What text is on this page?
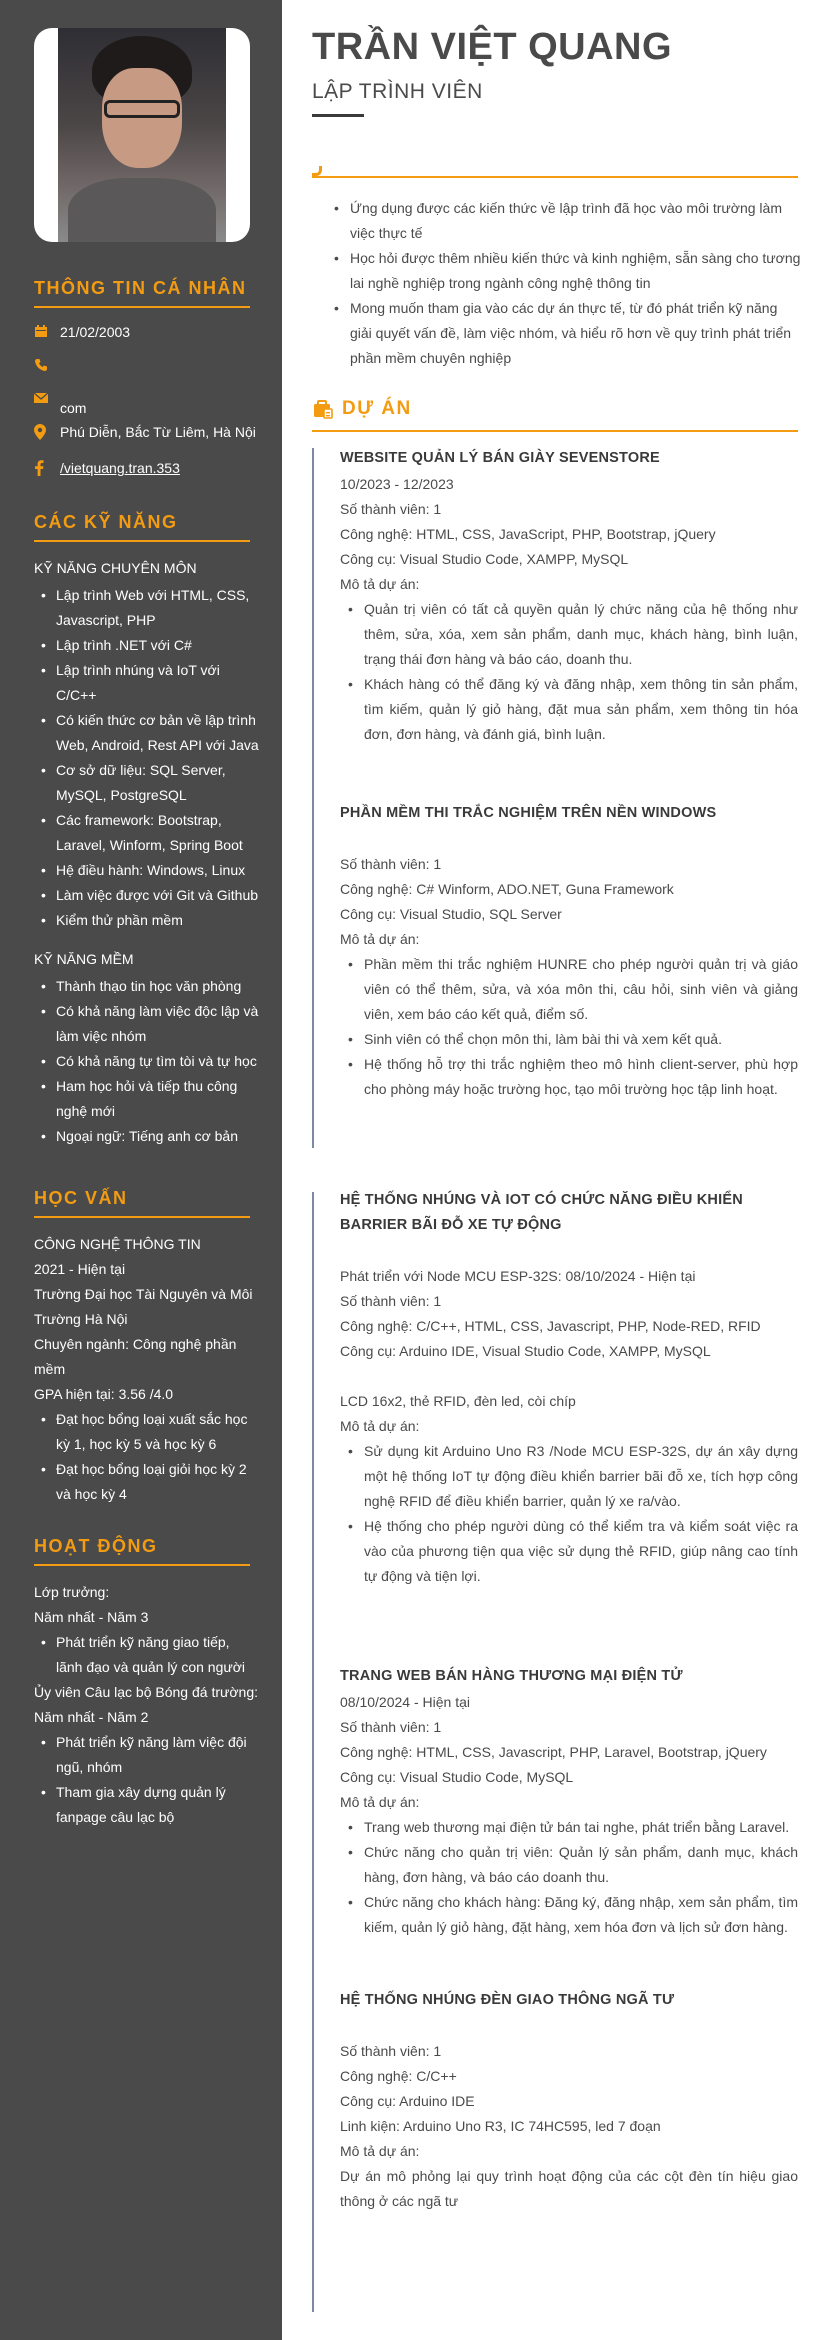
THÔNG TIN CÁ NHÂN
21/02/2003
com
Phú Diễn, Bắc Từ Liêm, Hà Nội
/vietquang.tran.353
CÁC KỸ NĂNG
KỸ NĂNG CHUYÊN MÔN
• Lập trình Web với HTML, CSS, Javascript, PHP
• Lập trình .NET với C#
• Lập trình nhúng và IoT với C/C++
• Có kiến thức cơ bản về lập trình Web, Android, Rest API với Java
• Cơ sở dữ liệu: SQL Server, MySQL, PostgreSQL
• Các framework: Bootstrap, Laravel, Winform, Spring Boot
• Hệ điều hành: Windows, Linux
• Làm việc được với Git và Github
• Kiểm thử phần mềm
KỸ NĂNG MỀM
• Thành thạo tin học văn phòng
• Có khả năng làm việc độc lập và làm việc nhóm
• Có khả năng tự tìm tòi và tự học
• Ham học hỏi và tiếp thu công nghệ mới
• Ngoại ngữ: Tiếng anh cơ bản
HỌC VẤN
CÔNG NGHỆ THÔNG TIN
2021 - Hiện tại
Trường Đại học Tài Nguyên và Môi Trường Hà Nội
Chuyên ngành: Công nghệ phần mềm
GPA hiện tại: 3.56 /4.0
• Đạt học bổng loại xuất sắc học kỳ 1, học kỳ 5 và học kỳ 6
• Đạt học bổng loại giỏi học kỳ 2 và học kỳ 4
HOẠT ĐỘNG
Lớp trưởng:
Năm nhất - Năm 3
• Phát triển kỹ năng giao tiếp, lãnh đạo và quản lý con người
Ủy viên Câu lạc bộ Bóng đá trường:
Năm nhất - Năm 2
• Phát triển kỹ năng làm việc đội ngũ, nhóm
• Tham gia xây dựng quản lý fanpage câu lạc bộ
TRẦN VIỆT QUANG
LẬP TRÌNH VIÊN
• Ứng dụng được các kiến thức về lập trình đã học vào môi trường làm việc thực tế
• Học hỏi được thêm nhiều kiến thức và kinh nghiệm, sẵn sàng cho tương lai nghề nghiệp trong ngành công nghệ thông tin
• Mong muốn tham gia vào các dự án thực tế, từ đó phát triển kỹ năng giải quyết vấn đề, làm việc nhóm, và hiểu rõ hơn về quy trình phát triển phần mềm chuyên nghiệp
DỰ ÁN
WEBSITE QUẢN LÝ BÁN GIÀY SEVENSTORE
10/2023 - 12/2023
Số thành viên: 1
Công nghệ: HTML, CSS, JavaScript, PHP, Bootstrap, jQuery
Công cụ: Visual Studio Code, XAMPP, MySQL
Mô tả dự án:
• Quản trị viên có tất cả quyền quản lý chức năng của hệ thống như thêm, sửa, xóa, xem sản phẩm, danh mục, khách hàng, bình luận, trạng thái đơn hàng và báo cáo, doanh thu.
• Khách hàng có thể đăng ký và đăng nhập, xem thông tin sản phẩm, tìm kiếm, quản lý giỏ hàng, đặt mua sản phẩm, xem thông tin hóa đơn, đơn hàng, và đánh giá, bình luận.
PHẦN MỀM THI TRẮC NGHIỆM TRÊN NỀN WINDOWS
Số thành viên: 1
Công nghệ: C# Winform, ADO.NET, Guna Framework
Công cụ: Visual Studio, SQL Server
Mô tả dự án:
• Phần mềm thi trắc nghiệm HUNRE cho phép người quản trị và giáo viên có thể thêm, sửa, và xóa môn thi, câu hỏi, sinh viên và giảng viên, xem báo cáo kết quả, điểm số.
• Sinh viên có thể chọn môn thi, làm bài thi và xem kết quả.
• Hệ thống hỗ trợ thi trắc nghiệm theo mô hình client-server, phù hợp cho phòng máy hoặc trường học, tạo môi trường học tập linh hoạt.
HỆ THỐNG NHÚNG VÀ IOT CÓ CHỨC NĂNG ĐIỀU KHIỂN BARRIER BÃI ĐỖ XE TỰ ĐỘNG
Phát triển với Node MCU ESP-32S: 08/10/2024 - Hiện tại
Số thành viên: 1
Công nghệ: C/C++, HTML, CSS, Javascript, PHP, Node-RED, RFID
Công cụ: Arduino IDE, Visual Studio Code, XAMPP, MySQL
LCD 16x2, thẻ RFID, đèn led, còi chíp
Mô tả dự án:
• Sử dụng kit Arduino Uno R3 /Node MCU ESP-32S, dự án xây dựng một hệ thống IoT tự động điều khiển barrier bãi đỗ xe, tích hợp công nghệ RFID để điều khiển barrier, quản lý xe ra/vào.
• Hệ thống cho phép người dùng có thể kiểm tra và kiểm soát việc ra vào của phương tiện qua việc sử dụng thẻ RFID, giúp nâng cao tính tự động và tiện lợi.
TRANG WEB BÁN HÀNG THƯƠNG MẠI ĐIỆN TỬ
08/10/2024 - Hiện tại
Số thành viên: 1
Công nghệ: HTML, CSS, Javascript, PHP, Laravel, Bootstrap, jQuery
Công cụ: Visual Studio Code, MySQL
Mô tả dự án:
• Trang web thương mại điện tử bán tai nghe, phát triển bằng Laravel.
• Chức năng cho quản trị viên: Quản lý sản phẩm, danh mục, khách hàng, đơn hàng, và báo cáo doanh thu.
• Chức năng cho khách hàng: Đăng ký, đăng nhập, xem sản phẩm, tìm kiếm, quản lý giỏ hàng, đặt hàng, xem hóa đơn và lịch sử đơn hàng.
HỆ THỐNG NHÚNG ĐÈN GIAO THÔNG NGÃ TƯ
Số thành viên: 1
Công nghệ: C/C++
Công cụ: Arduino IDE
Linh kiện: Arduino Uno R3, IC 74HC595, led 7 đoạn
Mô tả dự án:
Dự án mô phỏng lại quy trình hoạt động của các cột đèn tín hiệu giao thông ở các ngã tư
